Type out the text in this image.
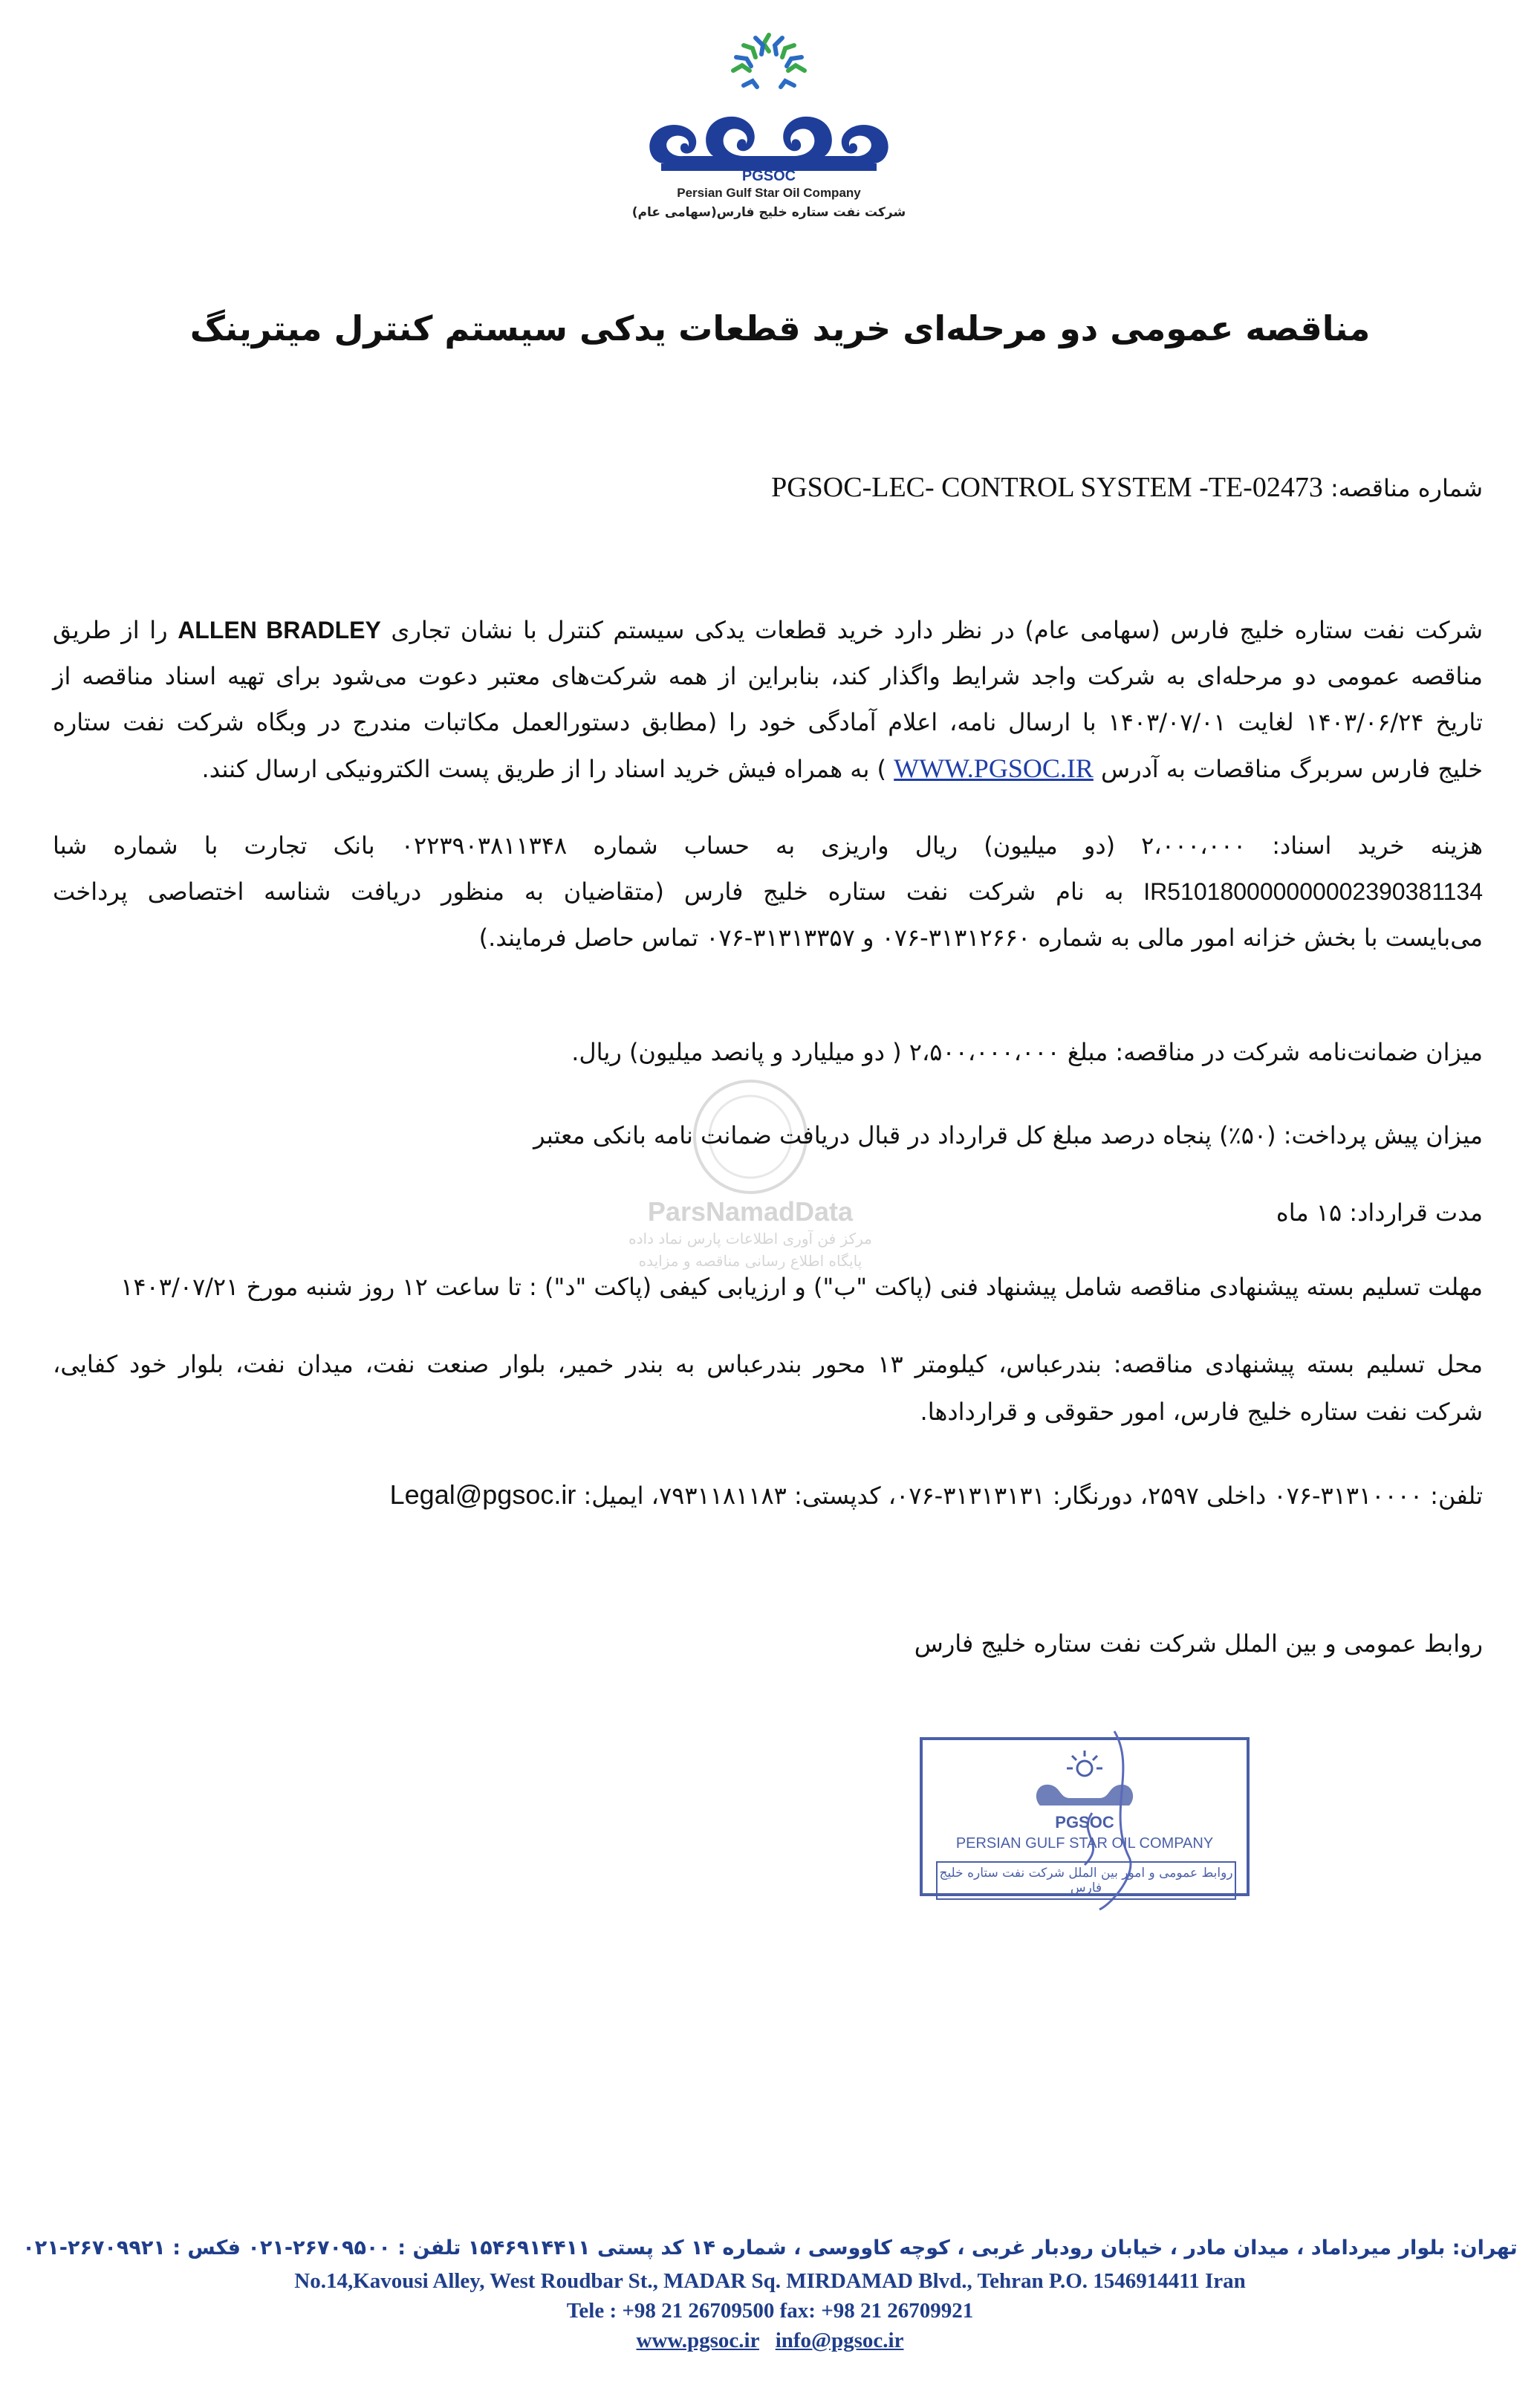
PGSOC
Persian Gulf Star Oil Company
شرکت نفت ستاره خلیج فارس(سهامی عام)
مناقصه عمومی دو مرحله‌ای خرید قطعات یدکی سیستم کنترل میترینگ
شماره مناقصه: PGSOC-LEC- CONTROL SYSTEM -TE-02473
شرکت نفت ستاره خلیج فارس (سهامی عام) در نظر دارد خرید قطعات یدکی سیستم کنترل با نشان تجاری ALLEN BRADLEY را از طریق
مناقصه عمومی دو مرحله‌ای به شرکت واجد شرایط واگذار کند، بنابراین از همه شرکت‌های معتبر دعوت می‌شود برای تهیه اسناد مناقصه از
تاریخ ۱۴۰۳/۰۶/۲۴ لغایت ۱۴۰۳/۰۷/۰۱ با ارسال نامه، اعلام آمادگی خود را (مطابق دستورالعمل مکاتبات مندرج در وبگاه شرکت نفت ستاره
خلیج فارس سربرگ مناقصات به آدرس WWW.PGSOC.IR ) به همراه فیش خرید اسناد را از طریق پست الکترونیکی ارسال کنند.
هزینه خرید اسناد: ۲،۰۰۰،۰۰۰ (دو میلیون) ریال واریزی به حساب شماره ۰۲۲۳۹۰۳۸۱۱۳۴۸ بانک تجارت با شماره شبا
IR510180000000002390381134 به نام شرکت نفت ستاره خلیج فارس (متقاضیان به منظور دریافت شناسه اختصاصی پرداخت
می‌بایست با بخش خزانه امور مالی به شماره ۳۱۳۱۲۶۶۰-۰۷۶ و ۳۱۳۱۳۳۵۷-۰۷۶ تماس حاصل فرمایند.)
ParsNamadData
مرکز فن آوری اطلاعات پارس نماد داده
پایگاه اطلاع رسانی مناقصه و مزایده
میزان ضمانت‌نامه شرکت در مناقصه: مبلغ ۲،۵۰۰،۰۰۰،۰۰۰ ( دو میلیارد و پانصد میلیون) ریال.
میزان پیش پرداخت: (۵۰٪) پنجاه درصد مبلغ کل قرارداد در قبال دریافت ضمانت نامه بانکی معتبر
مدت قرارداد: ۱۵ ماه
مهلت تسلیم بسته پیشنهادی مناقصه شامل پیشنهاد فنی (پاکت "ب") و ارزیابی کیفی (پاکت "د") : تا ساعت ۱۲ روز شنبه مورخ ۱۴۰۳/۰۷/۲۱
محل تسلیم بسته پیشنهادی مناقصه: بندرعباس، کیلومتر ۱۳ محور بندرعباس به بندر خمیر، بلوار صنعت نفت، میدان نفت، بلوار خود کفایی،
شرکت نفت ستاره خلیج فارس، امور حقوقی و قراردادها.
تلفن: ۳۱۳۱۰۰۰۰-۰۷۶ داخلی ۲۵۹۷، دورنگار: ۳۱۳۱۳۱۳۱-۰۷۶، کدپستی: ۷۹۳۱۱۸۱۱۸۳، ایمیل: Legal@pgsoc.ir
روابط عمومی و بین الملل شرکت نفت ستاره خلیج فارس
PGSOC
PERSIAN GULF STAR OIL COMPANY
روابط عمومی و امور بین الملل شرکت نفت ستاره خلیج فارس
تهران: بلوار میرداماد ، میدان مادر ، خیابان رودبار غربی ، کوچه کاووسی ، شماره ۱۴ کد پستی ۱۵۴۶۹۱۴۴۱۱ تلفن : ۲۶۷۰۹۵۰۰-۰۲۱ فکس : ۲۶۷۰۹۹۲۱-۰۲۱
No.14,Kavousi Alley, West Roudbar St., MADAR Sq. MIRDAMAD Blvd., Tehran P.O. 1546914411 Iran
Tele : +98 21 26709500 fax: +98 21 26709921
www.pgsoc.ir info@pgsoc.ir
